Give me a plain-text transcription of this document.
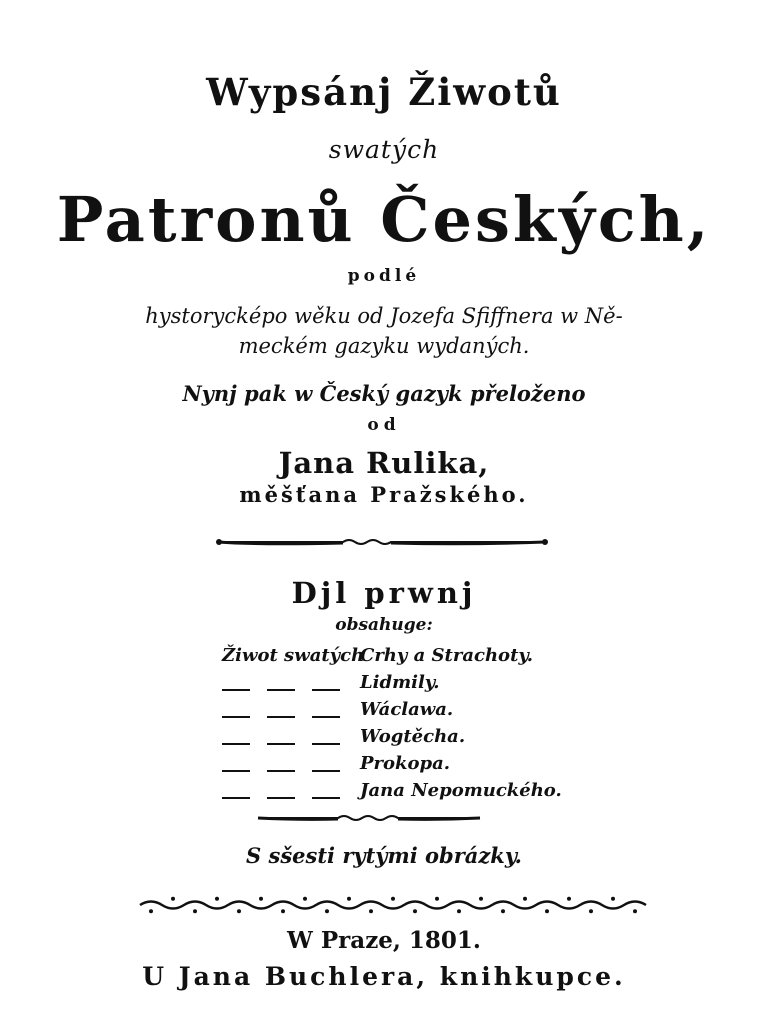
Wypsánj Žiwotů
swatých
Patronů Českých,
podlé
hystorycképo wěku od Jozefa Sfiffnera w Ně-
meckém gazyku wydaných.
Nynj pak w Český gazyk přeloženo
od
Jana Rulika,
měšťana Pražského.
Djl prwnj
obsahuge:
Žiwot swatých
Crhy a Strachoty.
Lidmily.
Wáclawa.
Wogtěcha.
Prokopa.
Jana Nepomuckého.
S sšesti rytými obrázky.
W Praze, 1801.
U Jana Buchlera, knihkupce.
